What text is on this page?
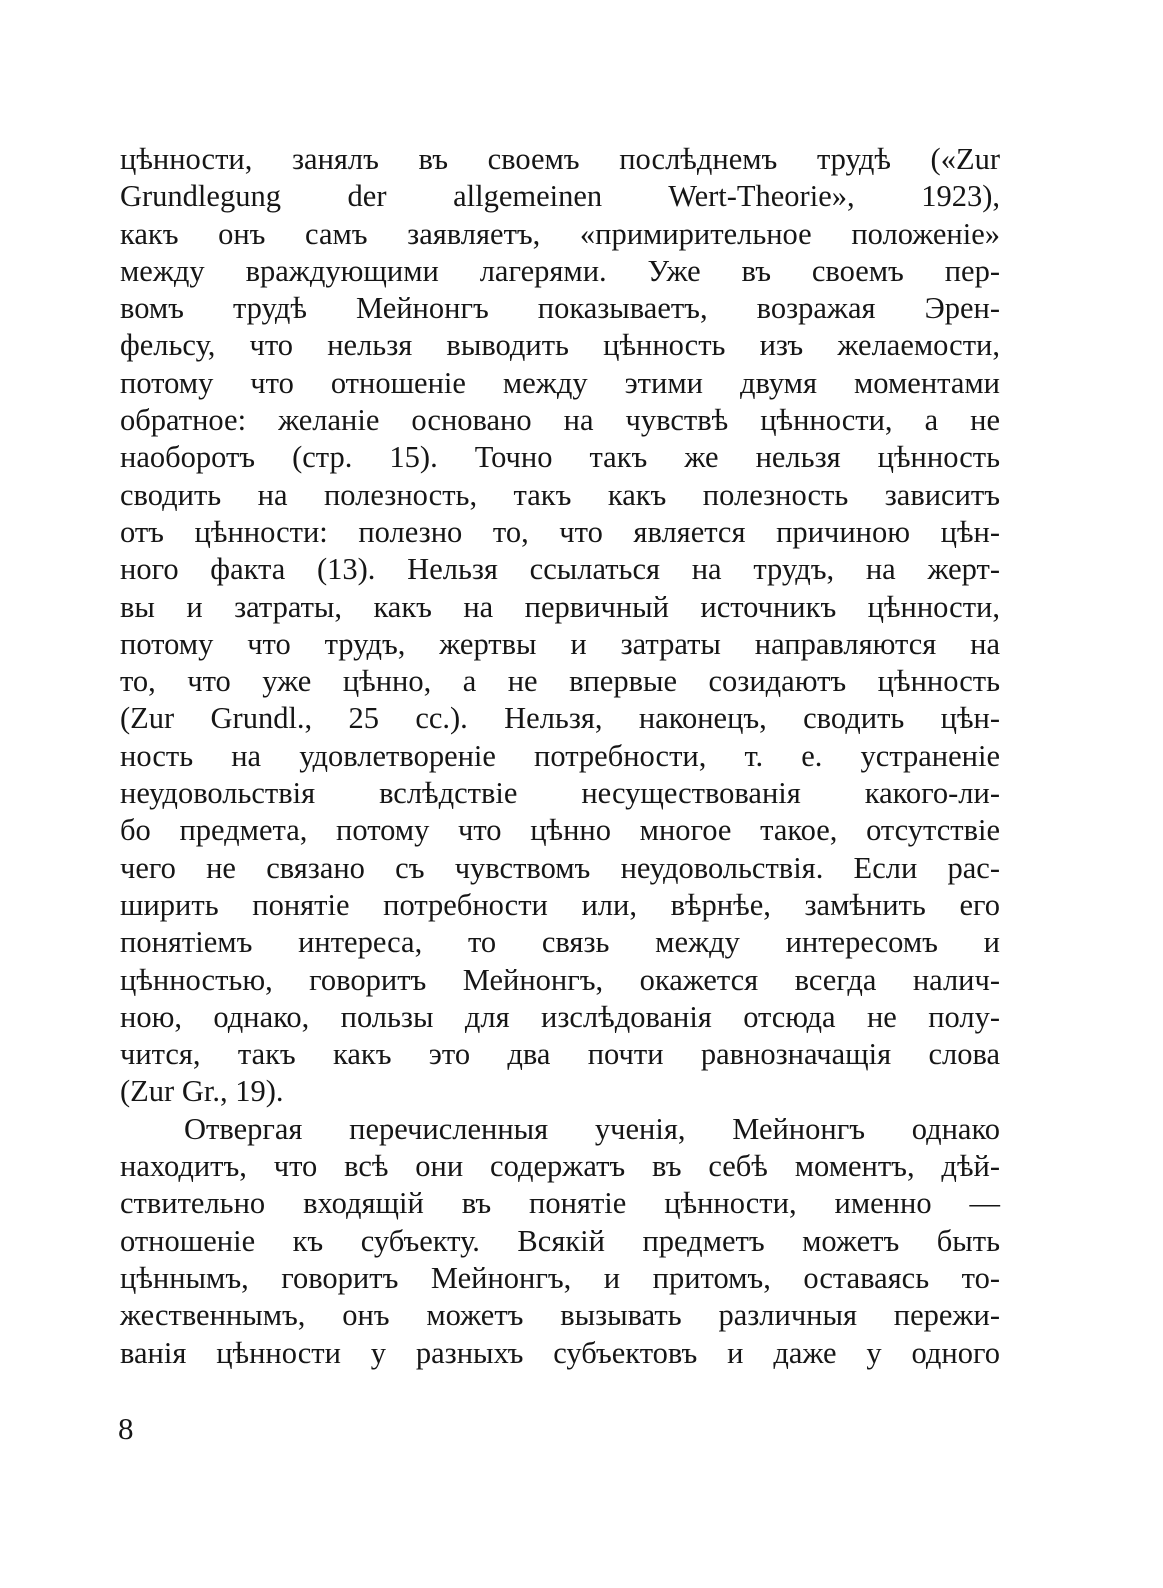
цѣнности, занялъ въ своемъ послѣднемъ трудѣ («Zur
Grundlegung der allgemeinen Wert-Theorie», 1923),
какъ онъ самъ заявляетъ, «примирительное положеніе»
между враждующими лагерями. Уже въ своемъ пер-
вомъ трудѣ Мейнонгъ показываетъ, возражая Эрен-
фельсу, что нельзя выводить цѣнность изъ желаемости,
потому что отношеніе между этими двумя моментами
обратное: желаніе основано на чувствѣ цѣнности, а не
наоборотъ (стр. 15). Точно такъ же нельзя цѣнность
сводить на полезность, такъ какъ полезность зависитъ
отъ цѣнности: полезно то, что является причиною цѣн-
ного факта (13). Нельзя ссылаться на трудъ, на жерт-
вы и затраты, какъ на первичный источникъ цѣнности,
потому что трудъ, жертвы и затраты направляются на
то, что уже цѣнно, а не впервые созидаютъ цѣнность
(Zur Grundl., 25 cc.). Нельзя, наконецъ, сводить цѣн-
ность на удовлетвореніе потребности, т. е. устраненіе
неудовольствія вслѣдствіе несуществованія какого-ли-
бо предмета, потому что цѣнно многое такое, отсутствіе
чего не связано съ чувствомъ неудовольствія. Если рас-
ширить понятіе потребности или, вѣрнѣе, замѣнить его
понятіемъ интереса, то связь между интересомъ и
цѣнностью, говоритъ Мейнонгъ, окажется всегда налич-
ною, однако, пользы для изслѣдованія отсюда не полу-
чится, такъ какъ это два почти равнозначащія слова
(Zur Gr., 19).
Отвергая перечисленныя ученія, Мейнонгъ однако
находитъ, что всѣ они содержатъ въ себѣ моментъ, дѣй-
ствительно входящій въ понятіе цѣнности, именно —
отношеніе къ субъекту. Всякій предметъ можетъ быть
цѣннымъ, говоритъ Мейнонгъ, и притомъ, оставаясь то-
жественнымъ, онъ можетъ вызывать различныя пережи-
ванія цѣнности у разныхъ субъектовъ и даже у одного
8
